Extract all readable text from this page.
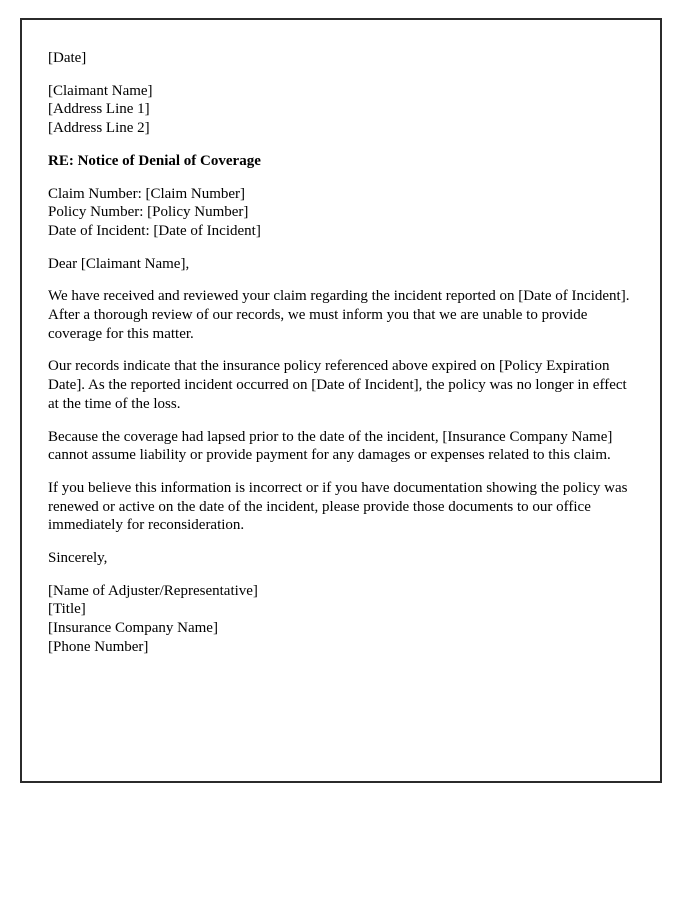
[Date]
[Claimant Name]
[Address Line 1]
[Address Line 2]
RE: Notice of Denial of Coverage
Claim Number: [Claim Number]
Policy Number: [Policy Number]
Date of Incident: [Date of Incident]
Dear [Claimant Name],

We have received and reviewed your claim regarding the incident reported on [Date of Incident]. After a thorough review of our records, we must inform you that we are unable to provide coverage for this matter.

Our records indicate that the insurance policy referenced above expired on [Policy Expiration Date]. As the reported incident occurred on [Date of Incident], the policy was no longer in effect at the time of the loss.

Because the coverage had lapsed prior to the date of the incident, [Insurance Company Name] cannot assume liability or provide payment for any damages or expenses related to this claim.

If you believe this information is incorrect or if you have documentation showing the policy was renewed or active on the date of the incident, please provide those documents to our office immediately for reconsideration.

Sincerely,
[Name of Adjuster/Representative]
[Title]
[Insurance Company Name]
[Phone Number]
